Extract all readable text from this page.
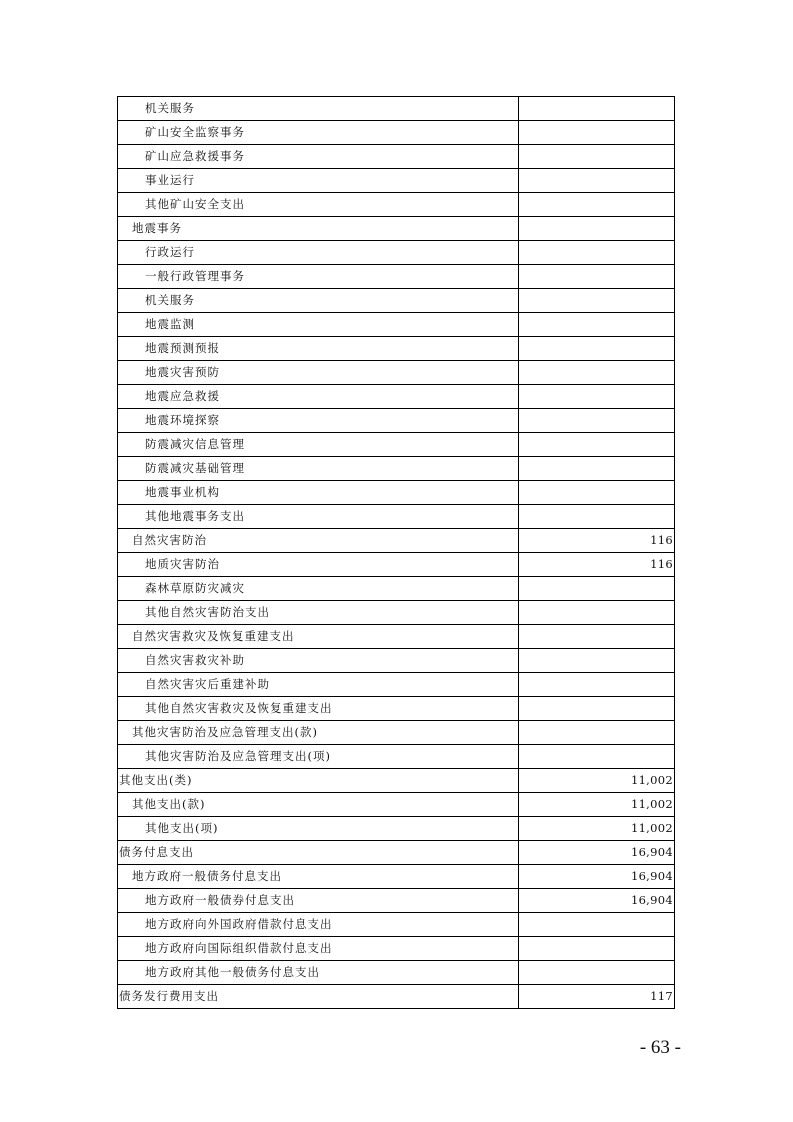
机关服务	
矿山安全监察事务	
矿山应急救援事务	
事业运行	
其他矿山安全支出	
地震事务	
行政运行	
一般行政管理事务	
机关服务	
地震监测	
地震预测预报	
地震灾害预防	
地震应急救援	
地震环境探察	
防震减灾信息管理	
防震减灾基础管理	
地震事业机构	
其他地震事务支出	
自然灾害防治	116
地质灾害防治	116
森林草原防灾减灾	
其他自然灾害防治支出	
自然灾害救灾及恢复重建支出	
自然灾害救灾补助	
自然灾害灾后重建补助	
其他自然灾害救灾及恢复重建支出	
其他灾害防治及应急管理支出(款)	
其他灾害防治及应急管理支出(项)	
其他支出(类)	11,002
其他支出(款)	11,002
其他支出(项)	11,002
债务付息支出	16,904
地方政府一般债务付息支出	16,904
地方政府一般债券付息支出	16,904
地方政府向外国政府借款付息支出	
地方政府向国际组织借款付息支出	
地方政府其他一般债务付息支出	
债务发行费用支出	117
- 63 -
